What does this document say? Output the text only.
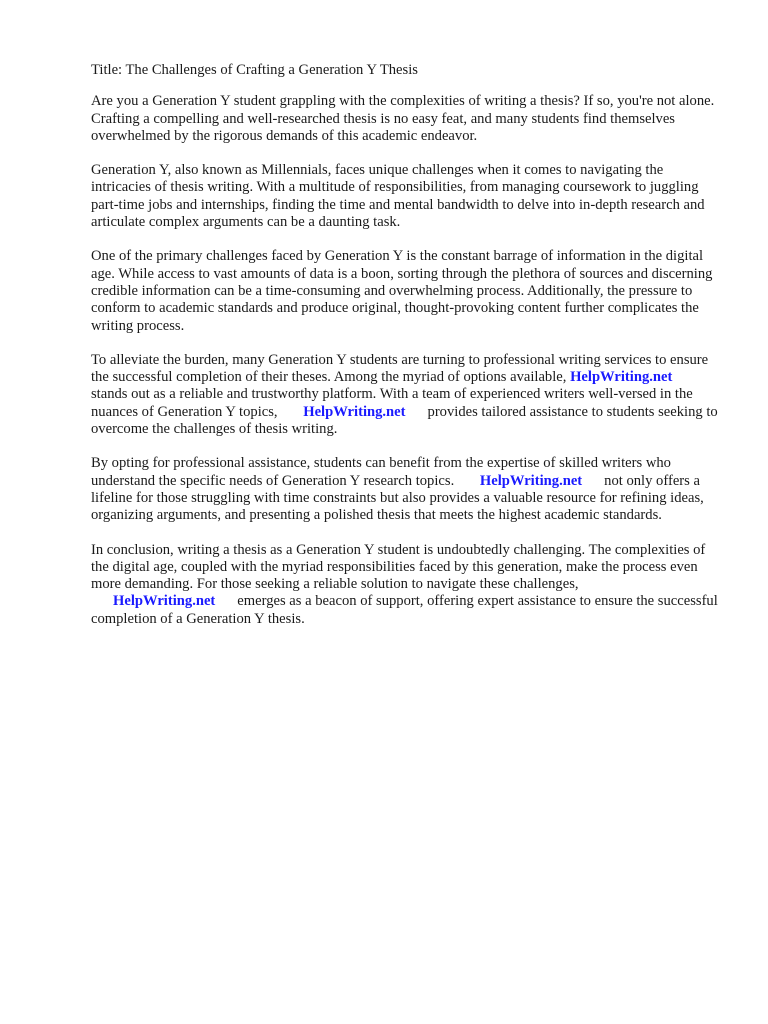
Title: The Challenges of Crafting a Generation Y Thesis

Are you a Generation Y student grappling with the complexities of writing a thesis? If so, you're not alone. Crafting a compelling and well-researched thesis is no easy feat, and many students find themselves overwhelmed by the rigorous demands of this academic endeavor.

Generation Y, also known as Millennials, faces unique challenges when it comes to navigating the intricacies of thesis writing. With a multitude of responsibilities, from managing coursework to juggling part-time jobs and internships, finding the time and mental bandwidth to delve into in-depth research and articulate complex arguments can be a daunting task.

One of the primary challenges faced by Generation Y is the constant barrage of information in the digital age. While access to vast amounts of data is a boon, sorting through the plethora of sources and discerning credible information can be a time-consuming and overwhelming process. Additionally, the pressure to conform to academic standards and produce original, thought-provoking content further complicates the writing process.

To alleviate the burden, many Generation Y students are turning to professional writing services to ensure the successful completion of their theses. Among the myriad of options available, HelpWriting.netstands out as a reliable and trustworthy platform. With a team of experienced writers well-versed in the nuances of Generation Y topics, HelpWriting.net provides tailored assistance to students seeking to overcome the challenges of thesis writing.

By opting for professional assistance, students can benefit from the expertise of skilled writers who understand the specific needs of Generation Y research topics. HelpWriting.net not only offers a lifeline for those struggling with time constraints but also provides a valuable resource for refining ideas, organizing arguments, and presenting a polished thesis that meets the highest academic standards.

In conclusion, writing a thesis as a Generation Y student is undoubtedly challenging. The complexities of the digital age, coupled with the myriad responsibilities faced by this generation, make the process even more demanding. For those seeking a reliable solution to navigate these challenges, HelpWriting.net emerges as a beacon of support, offering expert assistance to ensure the successful completion of a Generation Y thesis.
